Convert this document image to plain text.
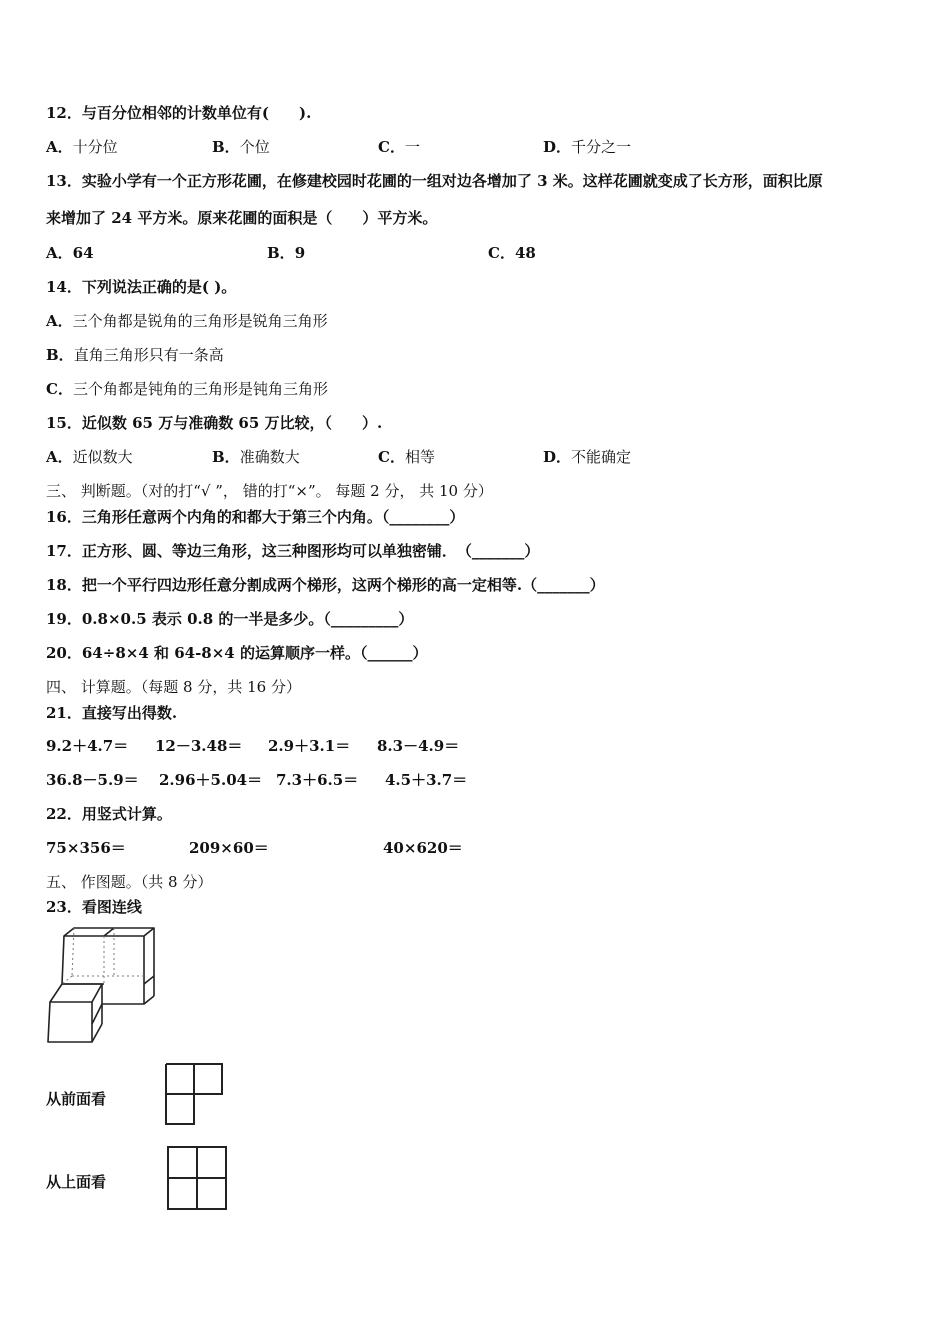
12．与百分位相邻的计数单位有(　　).
A．十分位	B．个位	C．一	D．千分之一
13．实验小学有一个正方形花圃，在修建校园时花圃的一组对边各增加了 3 米。这样花圃就变成了长方形，面积比原
来增加了 24 平方米。原来花圃的面积是（　　）平方米。
A．64	B．9	C．48
14．下列说法正确的是( )。
A．三个角都是锐角的三角形是锐角三角形
B．直角三角形只有一条高
C．三个角都是钝角的三角形是钝角三角形
15．近似数 65 万与准确数 65 万比较，（　　）.
A．近似数大	B．准确数大	C．相等	D．不能确定
三、 判断题。（对的打“√ ”， 错的打“×”。 每题 2 分， 共 10 分）
16．三角形任意两个内角的和都大于第三个内角。（________）
17．正方形、圆、等边三角形，这三种图形均可以单独密铺．　（_______）
18．把一个平行四边形任意分割成两个梯形，这两个梯形的高一定相等.（_______）
19．0.8×0.5 表示 0.8 的一半是多少。（_________）
20．64÷8×4 和 64-8×4 的运算顺序一样。（______）
四、 计算题。（每题 8 分，共 16 分）
21．直接写出得数.
9.2＋4.7＝ 12－3.48＝ 2.9＋3.1＝ 8.3－4.9＝
36.8－5.9＝ 2.96＋5.04＝ 7.3＋6.5＝ 4.5＋3.7＝
22．用竖式计算。
75×356＝	209×60＝	40×620＝
五、 作图题。（共 8 分）
23．看图连线
从前面看
从上面看
